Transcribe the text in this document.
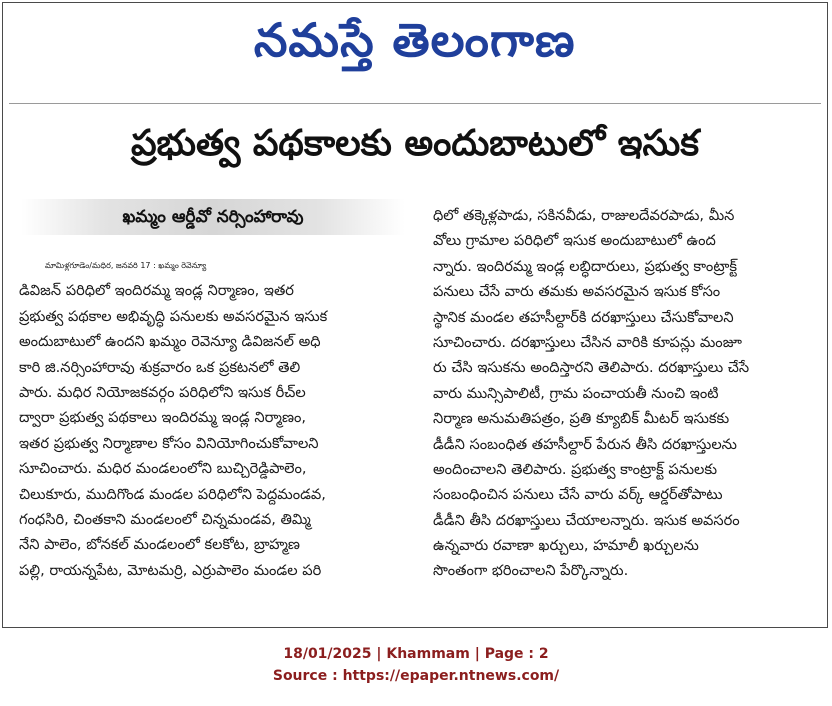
నమస్తే తెలంగాణ
ప్రభుత్వ పథకాలకు అందుబాటులో ఇసుక
ఖమ్మం ఆర్డీవో నర్సింహారావు
మామిళ్లగూడెం/మధిర, జనవరి 17 : ఖమ్మం రెవెన్యూ
డివిజన్ పరిధిలో ఇందిరమ్మ ఇండ్ల నిర్మాణం, ఇతర
ప్రభుత్వ పథకాల అభివృద్ధి పనులకు అవసరమైన ఇసుక
అందుబాటులో ఉందని ఖమ్మం రెవెన్యూ డివిజనల్ అధి
కారి జి.నర్సింహారావు శుక్రవారం ఒక ప్రకటనలో తెలి
పారు. మధిర నియోజకవర్గం పరిధిలోని ఇసుక రీచ్‌ల
ద్వారా ప్రభుత్వ పథకాలు ఇందిరమ్మ ఇండ్ల నిర్మాణం,
ఇతర ప్రభుత్వ నిర్మాణాల కోసం వినియోగించుకోవాలని
సూచించారు. మధిర మండలంలోని బుచ్చిరెడ్డిపాలెం,
చిలుకూరు, ముదిగొండ మండల పరిధిలోని పెద్దమండవ,
గంధసిరి, చింతకాని మండలంలో చిన్నమండవ, తిమ్మి
నేని పాలెం, బోనకల్ మండలంలో కలకోట, బ్రాహ్మణ
పల్లి, రాయన్నపేట, మోటమర్రి, ఎర్రుపాలెం మండల పరి
ధిలో తక్కెళ్లపాడు, సకినవీడు, రాజులదేవరపాడు, మీన
వోలు గ్రామాల పరిధిలో ఇసుక అందుబాటులో ఉంద
న్నారు. ఇందిరమ్మ ఇండ్ల లబ్ధిదారులు, ప్రభుత్వ కాంట్రాక్ట్
పనులు చేసే వారు తమకు అవసరమైన ఇసుక కోసం
స్థానిక మండల తహసీల్దార్‌కి దరఖాస్తులు చేసుకోవాలని
సూచించారు. దరఖాస్తులు చేసిన వారికి కూపన్లు మంజూ
రు చేసి ఇసుకను అందిస్తారని తెలిపారు. దరఖాస్తులు చేసే
వారు మున్సిపాలిటీ, గ్రామ పంచాయతీ నుంచి ఇంటి
నిర్మాణ అనుమతిపత్రం, ప్రతి క్యూబిక్ మీటర్ ఇసుకకు
డీడీని సంబంధిత తహసీల్దార్ పేరున తీసి దరఖాస్తులను
అందించాలని తెలిపారు. ప్రభుత్వ కాంట్రాక్ట్ పనులకు
సంబంధించిన పనులు చేసే వారు వర్క్ ఆర్డర్‌తోపాటు
డీడీని తీసి దరఖాస్తులు చేయాలన్నారు. ఇసుక అవసరం
ఉన్నవారు రవాణా ఖర్చులు, హమాలీ ఖర్చులను
సొంతంగా భరించాలని పేర్కొన్నారు.
18/01/2025 | Khammam | Page : 2
Source : https://epaper.ntnews.com/
